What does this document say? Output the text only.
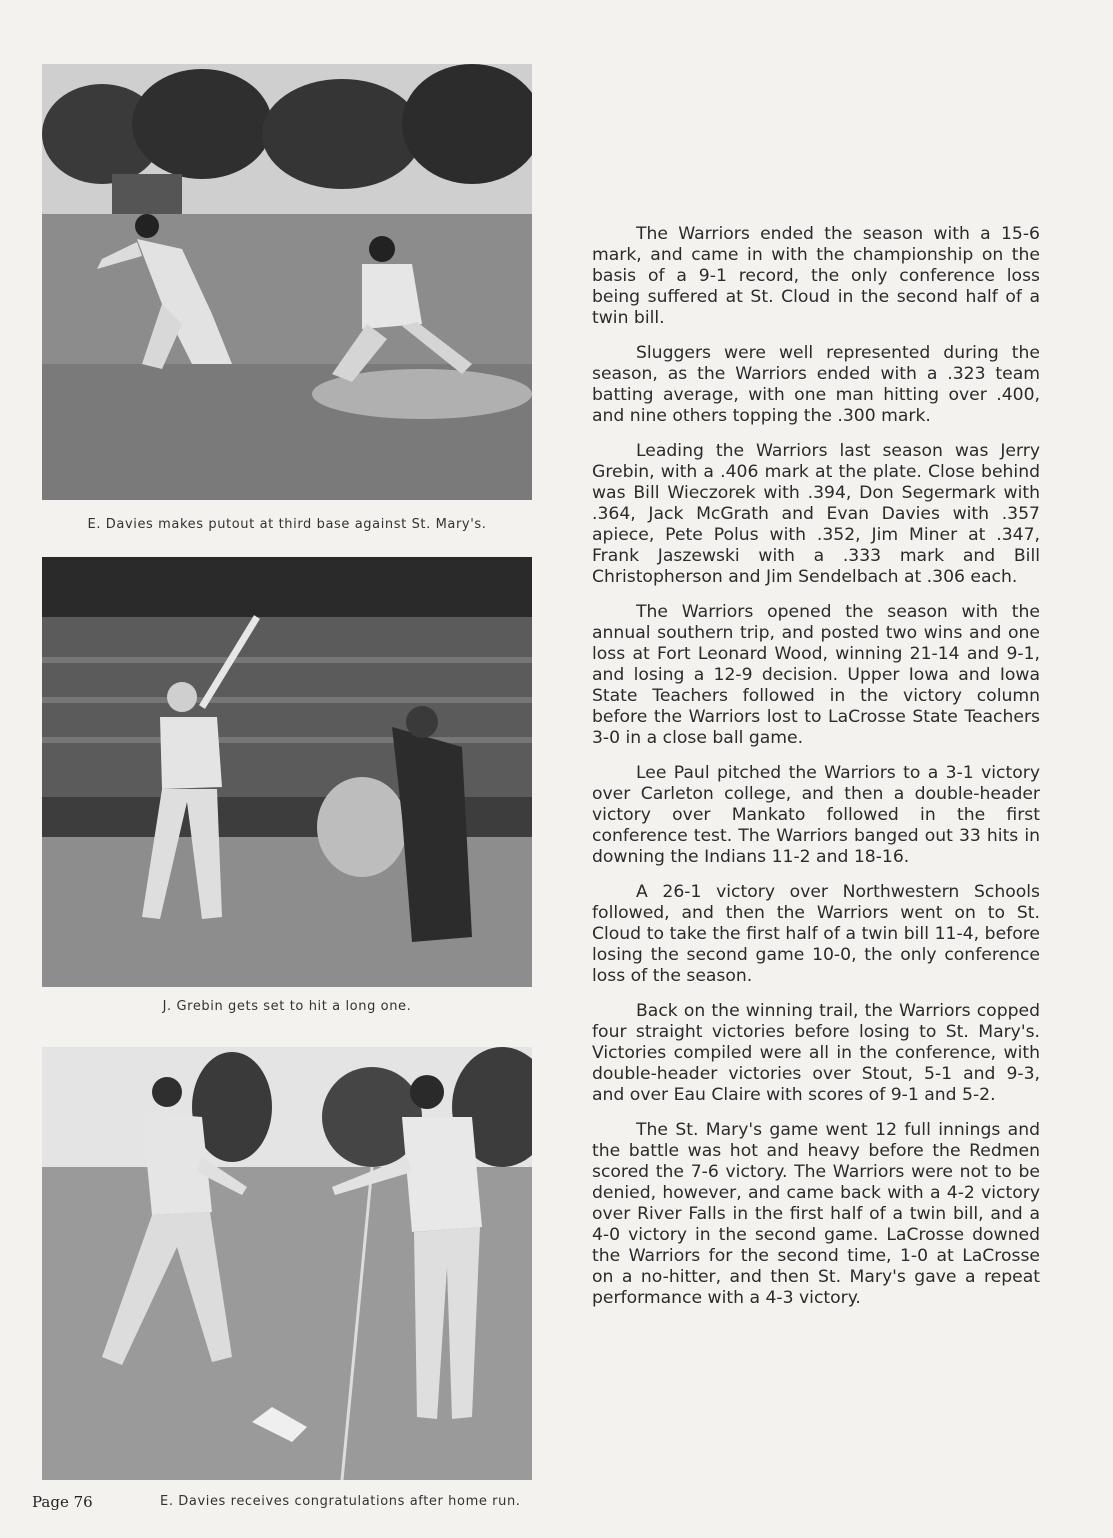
E. Davies makes putout at third base against St. Mary's.
J. Grebin gets set to hit a long one.
E. Davies receives congratulations after home run.
Page 76

The Warriors ended the season with a 15-6 mark, and came in with the championship on the basis of a 9-1 record, the only conference loss being suffered at St. Cloud in the second half of a twin bill.

Sluggers were well represented during the season, as the Warriors ended with a .323 team batting average, with one man hitting over .400, and nine others topping the .300 mark.

Leading the Warriors last season was Jerry Grebin, with a .406 mark at the plate. Close behind was Bill Wieczorek with .394, Don Segermark with .364, Jack McGrath and Evan Davies with .357 apiece, Pete Polus with .352, Jim Miner at .347, Frank Jaszewski with a .333 mark and Bill Christopherson and Jim Sendelbach at .306 each.

The Warriors opened the season with the annual southern trip, and posted two wins and one loss at Fort Leonard Wood, winning 21-14 and 9-1, and losing a 12-9 decision. Upper Iowa and Iowa State Teachers followed in the victory column before the Warriors lost to LaCrosse State Teachers 3-0 in a close ball game.

Lee Paul pitched the Warriors to a 3-1 victory over Carleton college, and then a double-header victory over Mankato followed in the first conference test. The Warriors banged out 33 hits in downing the Indians 11-2 and 18-16.

A 26-1 victory over Northwestern Schools followed, and then the Warriors went on to St. Cloud to take the first half of a twin bill 11-4, before losing the second game 10-0, the only conference loss of the season.

Back on the winning trail, the Warriors copped four straight victories before losing to St. Mary's. Victories compiled were all in the conference, with double-header victories over Stout, 5-1 and 9-3, and over Eau Claire with scores of 9-1 and 5-2.

The St. Mary's game went 12 full innings and the battle was hot and heavy before the Redmen scored the 7-6 victory. The Warriors were not to be denied, however, and came back with a 4-2 victory over River Falls in the first half of a twin bill, and a 4-0 victory in the second game. LaCrosse downed the Warriors for the second time, 1-0 at LaCrosse on a no-hitter, and then St. Mary's gave a repeat performance with a 4-3 victory.
